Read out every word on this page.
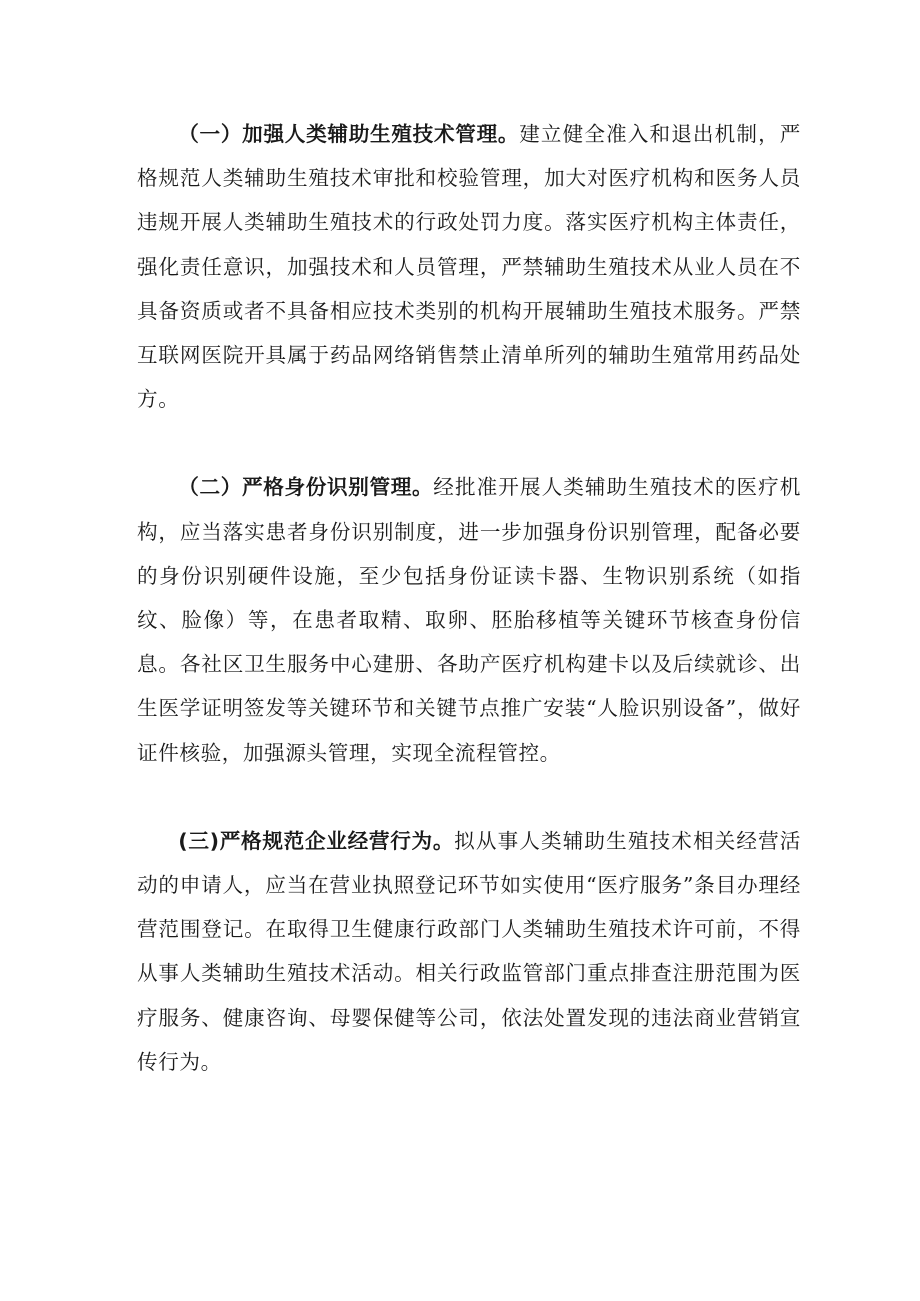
（一）加强人类辅助生殖技术管理。建立健全准入和退出机制，严格规范人类辅助生殖技术审批和校验管理，加大对医疗机构和医务人员违规开展人类辅助生殖技术的行政处罚力度。落实医疗机构主体责任，强化责任意识，加强技术和人员管理，严禁辅助生殖技术从业人员在不具备资质或者不具备相应技术类别的机构开展辅助生殖技术服务。严禁互联网医院开具属于药品网络销售禁止清单所列的辅助生殖常用药品处方。

（二）严格身份识别管理。经批准开展人类辅助生殖技术的医疗机构，应当落实患者身份识别制度，进一步加强身份识别管理，配备必要的身份识别硬件设施，至少包括身份证读卡器、生物识别系统（如指纹、脸像）等，在患者取精、取卵、胚胎移植等关键环节核查身份信息。各社区卫生服务中心建册、各助产医疗机构建卡以及后续就诊、出生医学证明签发等关键环节和关键节点推广安装“人脸识别设备”，做好证件核验，加强源头管理，实现全流程管控。

(三)严格规范企业经营行为。拟从事人类辅助生殖技术相关经营活动的申请人，应当在营业执照登记环节如实使用“医疗服务”条目办理经营范围登记。在取得卫生健康行政部门人类辅助生殖技术许可前，不得从事人类辅助生殖技术活动。相关行政监管部门重点排查注册范围为医疗服务、健康咨询、母婴保健等公司，依法处置发现的违法商业营销宣传行为。
